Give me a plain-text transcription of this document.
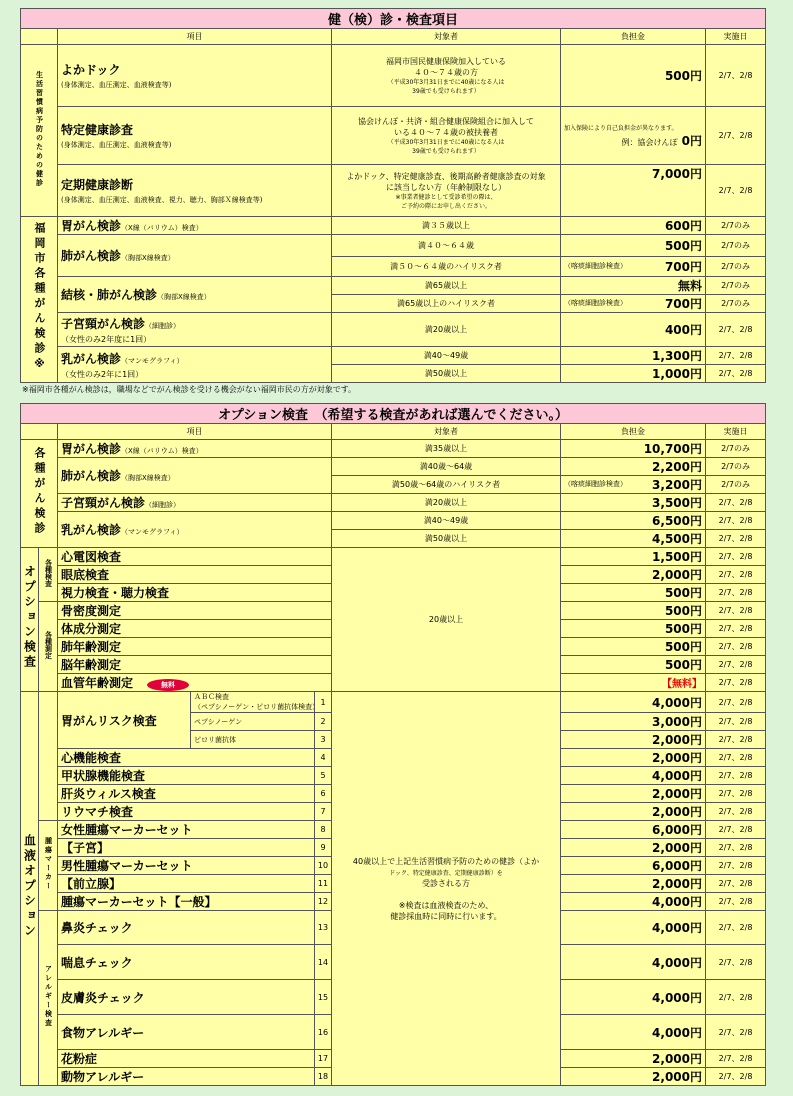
健（検）診・検査項目				
	項目	対象者	負担金	実施日
生活習慣病予防のための健診	よかドック
(身体測定、血圧測定、血液検査等)	福岡市国民健康保険加入している
４０～７４歳の方
（平成30年3月31日までに40歳になる人は
39歳でも受けられます）	500円	2/7、2/8
	特定健康診査
(身体測定、血圧測定、血液検査等)	協会けんぽ・共済・組合健康保険組合に加入して
いる４０～７４歳の被扶養者
（平成30年3月31日までに40歳になる人は
39歳でも受けられます）	加入保険により自己負担金が異なります。
例：協会けんぽ 0円	2/7、2/8
	定期健康診断
(身体測定、血圧測定、血液検査、視力、聴力、胸部Ｘ線検査等)	よかドック、特定健康診査、後期高齢者健康診査の対象
に該当しない方（年齢制限なし）
※事業者健診として受診希望の際は、
ご予約の際にお申し出ください。	7,000円	2/7、2/8
福岡市各種がん検診※	胃がん検診（X線（バリウム）検査）	満３５歳以上	600円	2/7のみ
	肺がん検診（胸部X線検査）	満４０～６４歳	500円	2/7のみ
		満５０～６４歳のハイリスク者	（喀痰細胞診検査） 700円	2/7のみ
	結核・肺がん検診（胸部X線検査）	満65歳以上	無料	2/7のみ
		満65歳以上のハイリスク者	（喀痰細胞診検査） 700円	2/7のみ
	子宮頸がん検診（細胞診）
（女性のみ2年度に1回）	満20歳以上	400円	2/7、2/8
	乳がん検診（マンモグラフィ）
（女性のみ2年に1回）	満40～49歳	1,300円	2/7、2/8
		満50歳以上	1,000円	2/7、2/8
※福岡市各種がん検診は，職場などでがん検診を受ける機会がない福岡市民の方が対象です。
オプション検査　（希望する検査があれば選んでください。）						
		項目		対象者	負担金	実施日
各種がん検診		胃がん検診（X線（バリウム）検査）		満35歳以上	10,700円	2/7のみ
		肺がん検診（胸部X線検査）		満40歳～64歳	2,200円	2/7のみ
				満50歳～64歳のハイリスク者	（喀痰細胞診検査） 3,200円	2/7のみ
		子宮頸がん検診（細胞診）		満20歳以上	3,500円	2/7、2/8
		乳がん検診（マンモグラフィ）		満40～49歳	6,500円	2/7、2/8
				満50歳以上	4,500円	2/7、2/8
オプション検査	各種検査	心電図検査		20歳以上	1,500円	2/7、2/8
		眼底検査			2,000円	2/7、2/8
		視力検査・聴力検査			500円	2/7、2/8
	各種測定	骨密度測定			500円	2/7、2/8
		体成分測定			500円	2/7、2/8
		肺年齢測定			500円	2/7、2/8
		脳年齢測定			500円	2/7、2/8
		血管年齢測定 無料			【無料】	2/7、2/8
血液オプション		胃がんリスク検査	ＡＢＣ検査
（ペプシノーゲン・ピロリ菌抗体検査）
1	40歳以上で上記生活習慣病予防のための健診（よか
ドック、特定健康診査、定期健康診断）を
受診される方

※検査は血液検査のため、
健診採血時に同時に行います。	4,000円	2/7、2/8
			ペプシノーゲン 2		3,000円	2/7、2/8
			ピロリ菌抗体 3		2,000円	2/7、2/8
		心機能検査 4			2,000円	2/7、2/8
		甲状腺機能検査 5			4,000円	2/7、2/8
		肝炎ウィルス検査 6			2,000円	2/7、2/8
		リウマチ検査 7			2,000円	2/7、2/8
	腫瘍マーカー	女性腫瘍マーカーセット 8			6,000円	2/7、2/8
		【子宮】 9			2,000円	2/7、2/8
		男性腫瘍マーカーセット 10			6,000円	2/7、2/8
		【前立腺】 11			2,000円	2/7、2/8
		腫瘍マーカーセット【一般】 12			4,000円	2/7、2/8
	アレルギー検査	鼻炎チェック 13			4,000円	2/7、2/8
		喘息チェック 14			4,000円	2/7、2/8
		皮膚炎チェック 15			4,000円	2/7、2/8
		食物アレルギー 16			4,000円	2/7、2/8
		花粉症 17			2,000円	2/7、2/8
		動物アレルギー 18			2,000円	2/7、2/8
